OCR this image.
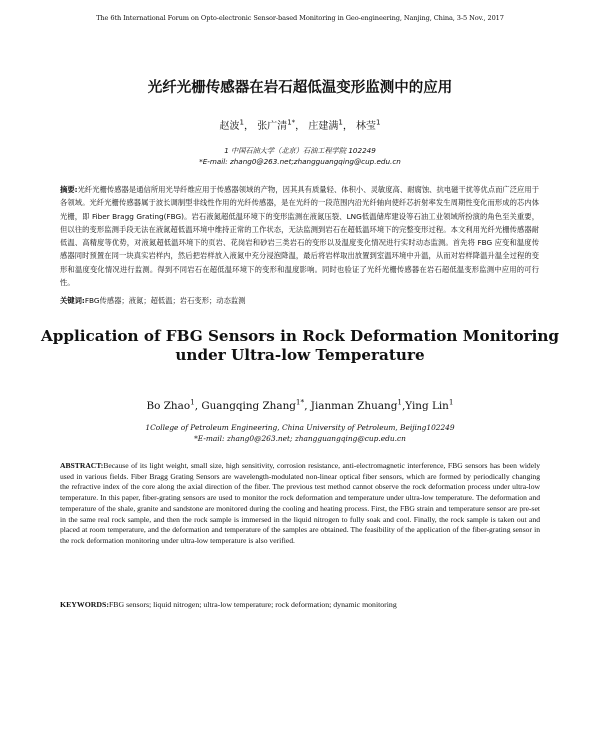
The 6th International Forum on Opto-electronic Sensor-based Monitoring in Geo-engineering, Nanjing, China, 3-5 Nov., 2017
光纤光栅传感器在岩石超低温变形监测中的应用
赵波$^1$， 张广清$^{1*}$， 庄建满$^1$， 林莹$^1$
1 中国石油大学（北京）石油工程学院 102249
*E-mail: zhang0@263.net;zhangguangqing@cup.edu.cn
摘要:光纤光栅传感器是通信所用光导纤维应用于传感器领域的产物，因其具有质量轻、体积小、灵敏度高、耐腐蚀、抗电磁干扰等优点而广泛应用于各领域。光纤光栅传感器属于波长调制型非线性作用的光纤传感器，是在光纤的一段范围内沿光纤轴向使纤芯折射率发生周期性变化而形成的芯内体光栅，即 Fiber Bragg Grating(FBG)。岩石液氮超低温环境下的变形监测在液氮压裂、LNG低温储库建设等石油工业领域所扮演的角色至关重要，但以往的变形监测手段无法在液氮超低温环境中维持正常的工作状态，无法监测到岩石在超低温环境下的完整变形过程。本文利用光纤光栅传感器耐低温、高精度等优势，对液氮超低温环境下的页岩、花岗岩和砂岩三类岩石的变形以及温度变化情况进行实时动态监测。首先将 FBG 应变和温度传感器同时预置在同一块真实岩样内，然后把岩样放入液氮中充分浸泡降温，最后将岩样取出放置到室温环境中升温，从而对岩样降温升温全过程的变形和温度变化情况进行监测。得到不同岩石在超低温环境下的变形和温度影响。同时也验证了光纤光栅传感器在岩石超低温变形监测中应用的可行性。
关键词:FBG传感器；液氮；超低温；岩石变形；动态监测
Application of FBG Sensors in Rock Deformation Monitoring under Ultra-low Temperature
Bo Zhao$^1$, Guangqing Zhang$^{1*}$, Jianman Zhuang$^1$,Ying Lin$^1$
1College of Petroleum Engineering, China University of Petroleum, Beijing102249
*E-mail: zhang0@263.net; zhangguangqing@cup.edu.cn
ABSTRACT:Because of its light weight, small size, high sensitivity, corrosion resistance, anti-electromagnetic interference, FBG sensors has been widely used in various fields. Fiber Bragg Grating Sensors are wavelength-modulated non-linear optical fiber sensors, which are formed by periodically changing the refractive index of the core along the axial direction of the fiber. The previous test method cannot observe the rock deformation process under ultra-low temperature. In this paper, fiber-grating sensors are used to monitor the rock deformation and temperature under ultra-low temperature. The deformation and temperature of the shale, granite and sandstone are monitored during the cooling and heating process. First, the FBG strain and temperature sensor are pre-set in the same real rock sample, and then the rock sample is immersed in the liquid nitrogen to fully soak and cool. Finally, the rock sample is taken out and placed at room temperature, and the deformation and temperature of the samples are obtained. The feasibility of the application of the fiber-grating sensor in the rock deformation monitoring under ultra-low temperature is also verified.
KEYWORDS:FBG sensors; liquid nitrogen; ultra-low temperature; rock deformation; dynamic monitoring
